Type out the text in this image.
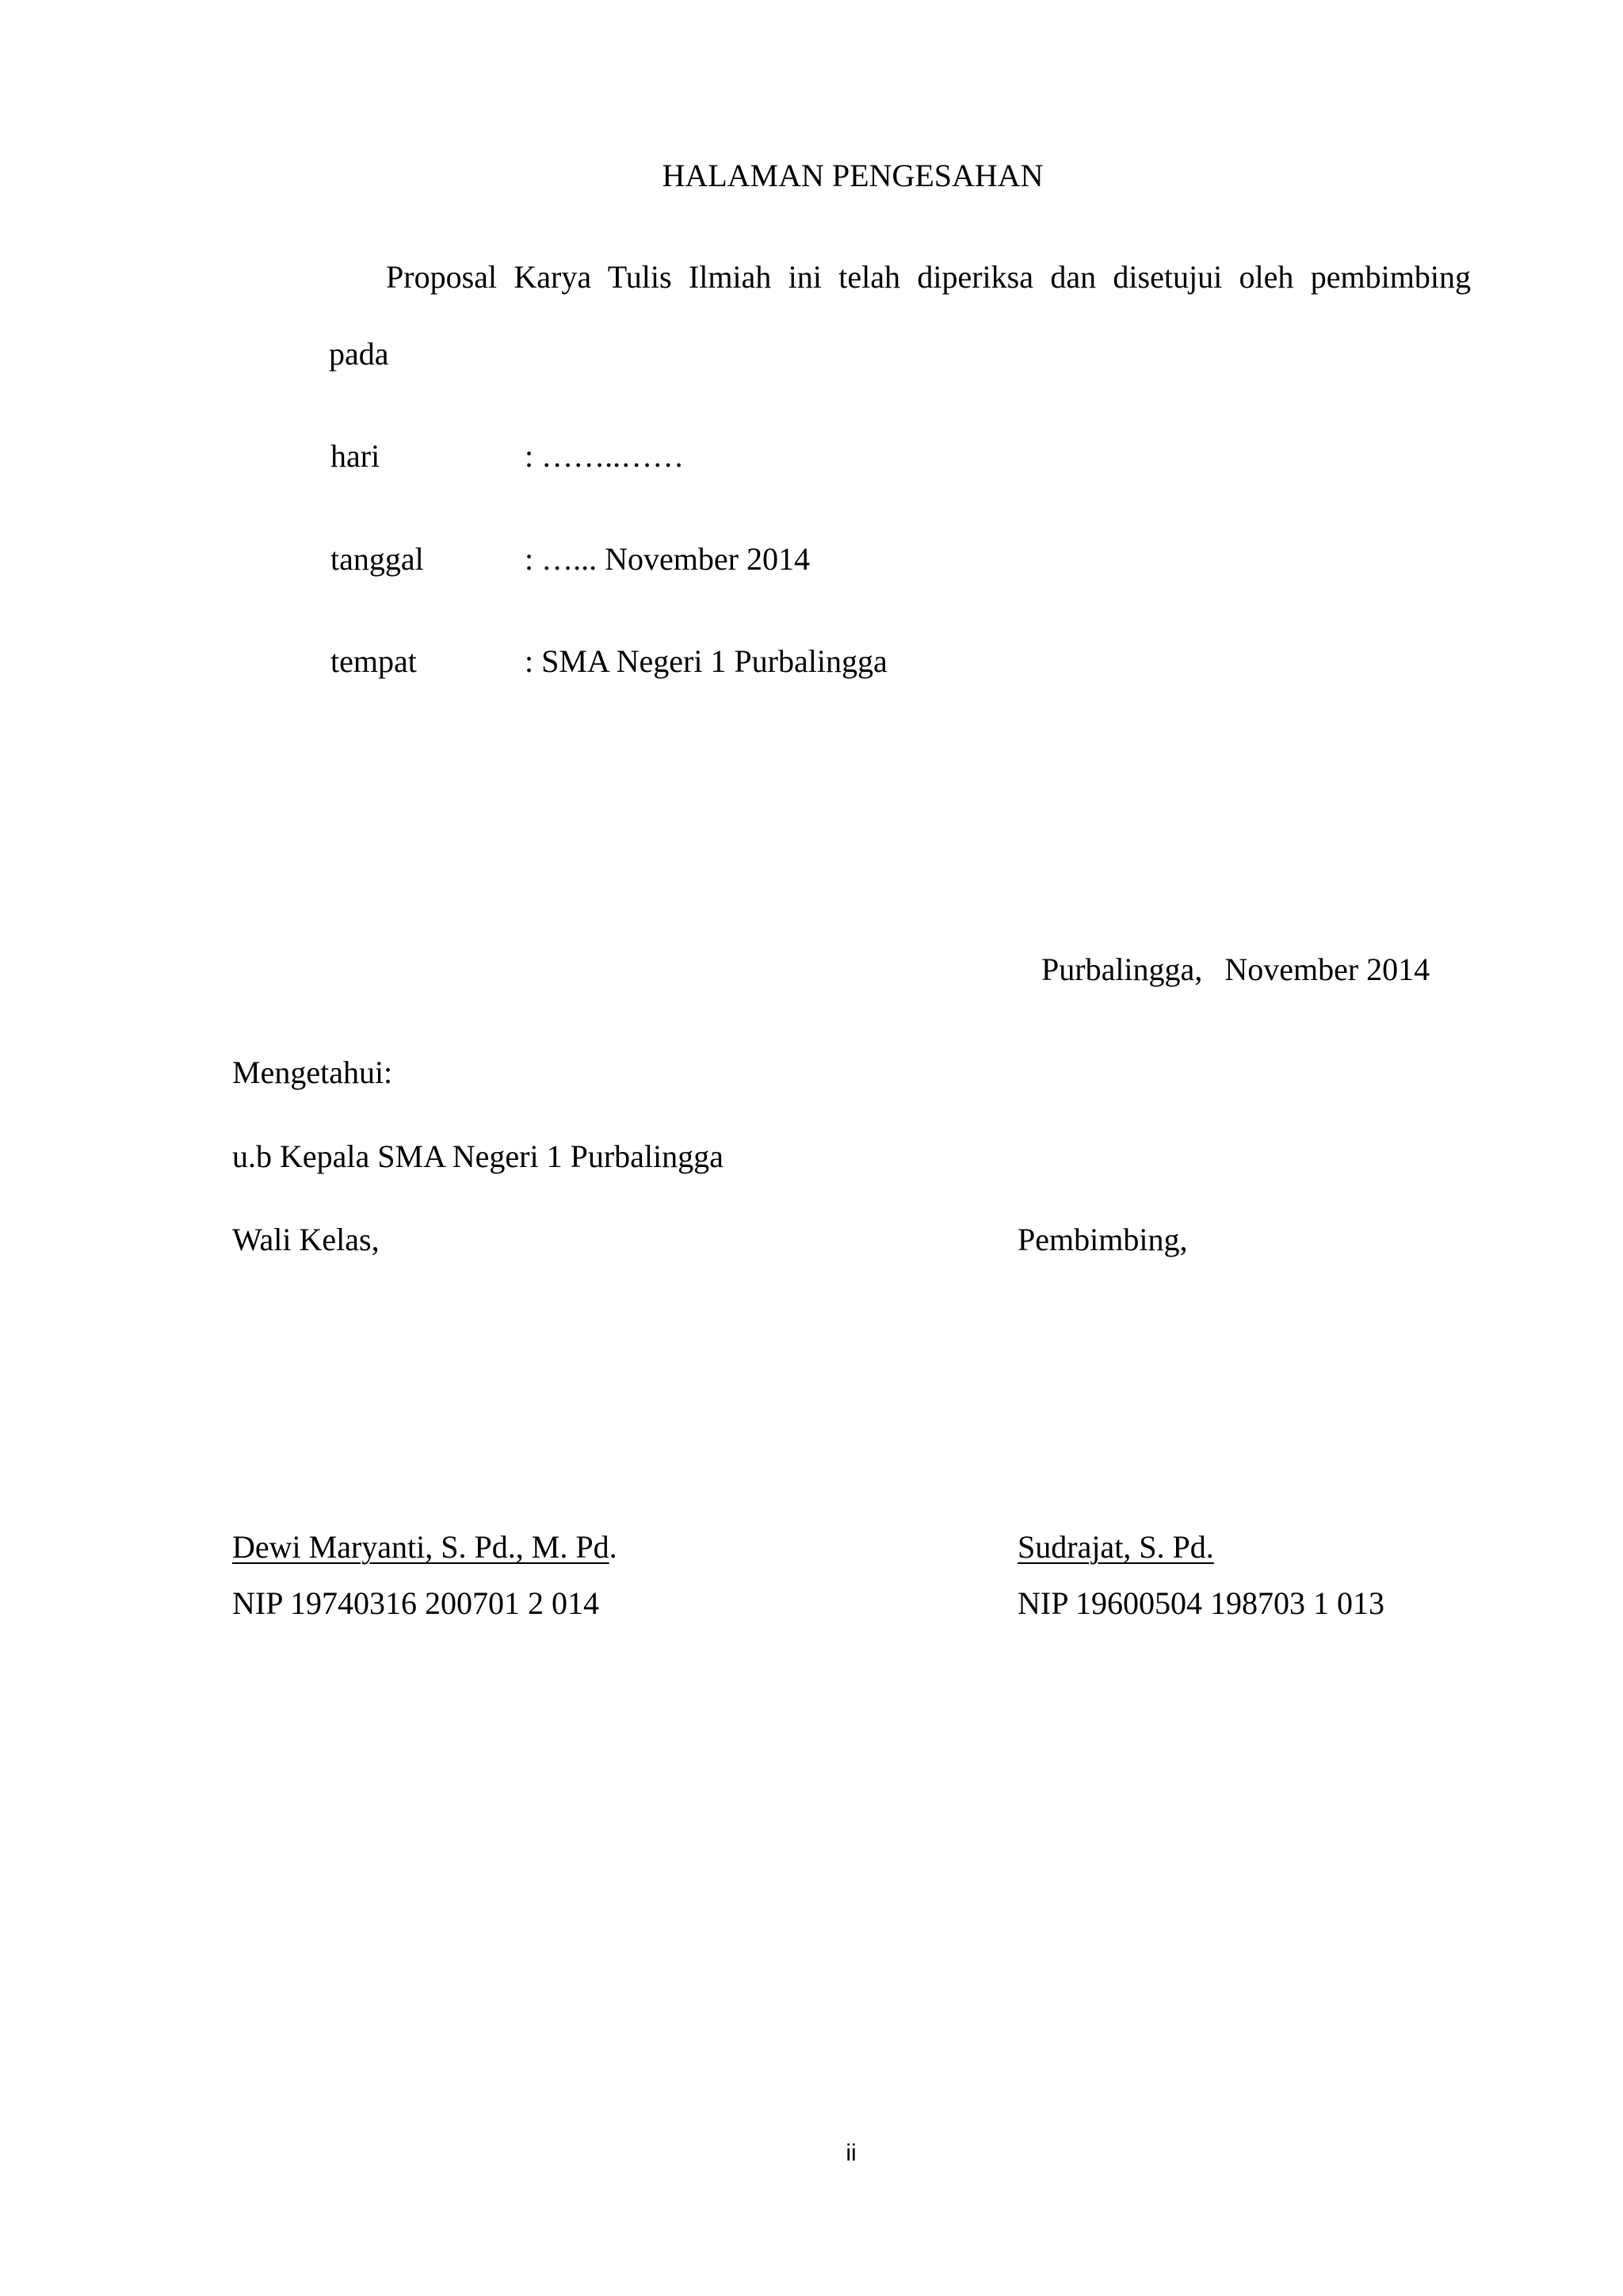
HALAMAN PENGESAHAN

Proposal Karya Tulis Ilmiah ini telah diperiksa dan disetujui oleh pembimbing

pada

hari	: ……..……

tanggal	: …... November 2014

tempat	: SMA Negeri 1 Purbalingga

Purbalingga, November 2014

Mengetahui:

u.b Kepala SMA Negeri 1 Purbalingga

Wali Kelas,	Pembimbing,

Dewi Maryanti, S. Pd., M. Pd.	Sudrajat, S. Pd.

NIP 19740316 200701 2 014	NIP 19600504 198703 1 013

ii
